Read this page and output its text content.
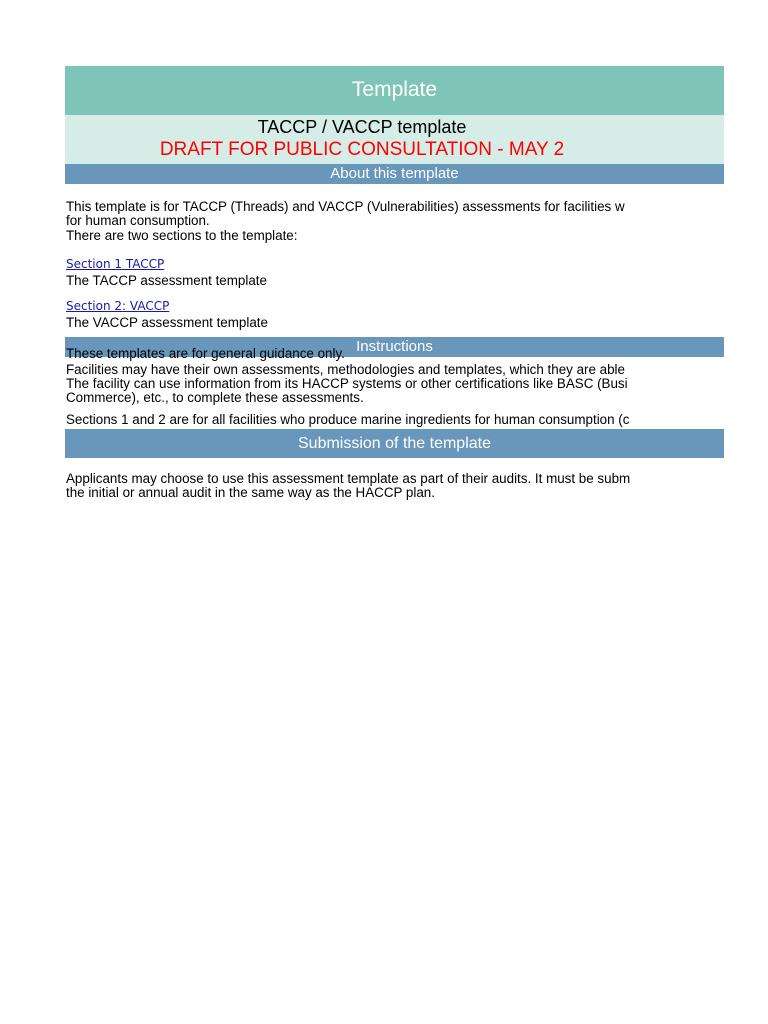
Template
TACCP / VACCP template
DRAFT FOR PUBLIC CONSULTATION - MAY 2
About this template
This template is for TACCP (Threads) and VACCP (Vulnerabilities) assessments for facilities w
for human consumption.
There are two sections to the template:
Section 1 TACCP
The TACCP assessment template
Section 2: VACCP
The VACCP assessment template
Instructions
These templates are for general guidance only.
Facilities may have their own assessments, methodologies and templates, which they are able
The facility can use information from its HACCP systems or other certifications like BASC (Busi
Commerce), etc., to complete these assessments.
Sections 1 and 2 are for all facilities who produce marine ingredients for human consumption (c
Submission of the template
Applicants may choose to use this assessment template as part of their audits. It must be subm
the initial or annual audit in the same way as the HACCP plan.
